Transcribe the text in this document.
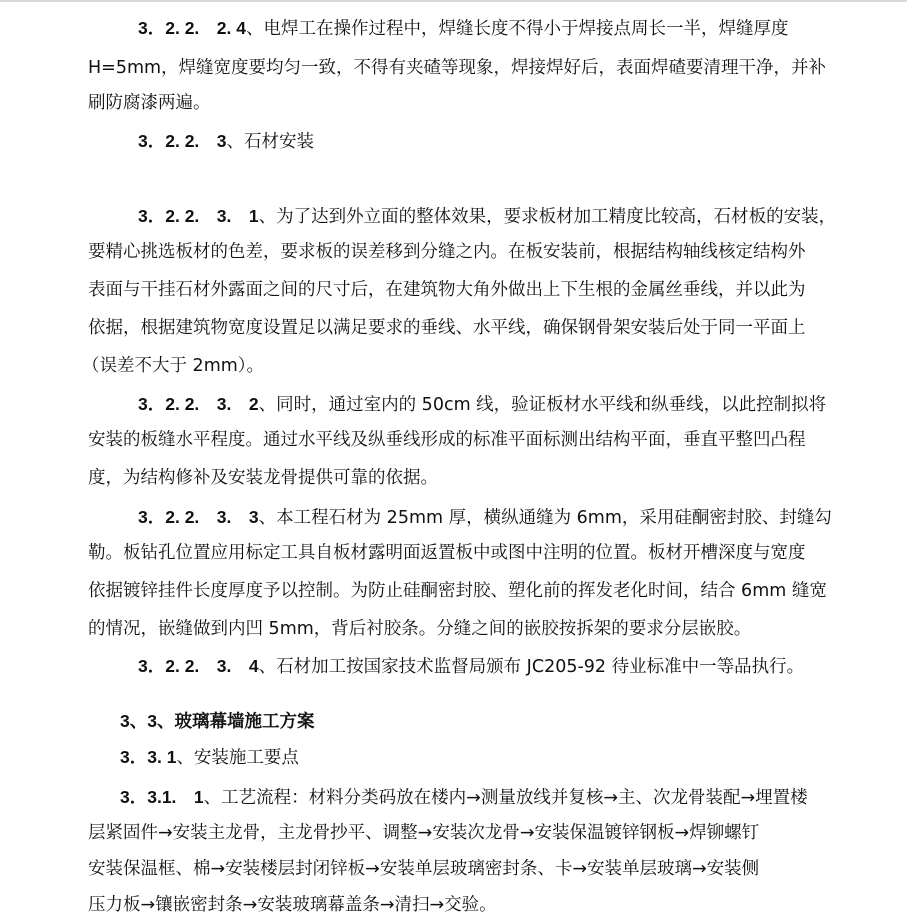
3．2. 2.　2. 4、电焊工在操作过程中，焊缝长度不得小于焊接点周长一半，焊缝厚度
H=5mm，焊缝宽度要均匀一致，不得有夹碴等现象，焊接焊好后，表面焊碴要清理干净，并补
刷防腐漆两遍。
3．2. 2.　3、石材安装
3．2. 2.　3.　1、为了达到外立面的整体效果，要求板材加工精度比较高，石材板的安装，
要精心挑选板材的色差，要求板的误差移到分缝之内。在板安装前，根据结构轴线核定结构外
表面与干挂石材外露面之间的尺寸后，在建筑物大角外做出上下生根的金属丝垂线，并以此为
依据，根据建筑物宽度设置足以满足要求的垂线、水平线，确保钢骨架安装后处于同一平面上
（误差不大于 2mm）。
3．2. 2.　3.　2、同时，通过室内的 50cm 线，验证板材水平线和纵垂线，以此控制拟将
安装的板缝水平程度。通过水平线及纵垂线形成的标准平面标测出结构平面，垂直平整凹凸程
度，为结构修补及安装龙骨提供可靠的依据。
3．2. 2.　3.　3、本工程石材为 25mm 厚，横纵通缝为 6mm，采用硅酮密封胶、封缝勾
勒。板钻孔位置应用标定工具自板材露明面返置板中或图中注明的位置。板材开槽深度与宽度
依据镀锌挂件长度厚度予以控制。为防止硅酮密封胶、塑化前的挥发老化时间，结合 6mm 缝宽
的情况，嵌缝做到内凹 5mm，背后衬胶条。分缝之间的嵌胶按拆架的要求分层嵌胶。
3．2. 2.　3.　4、石材加工按国家技术监督局颁布 JC205-92 待业标准中一等品执行。
3、3、玻璃幕墙施工方案
3．3. 1、安装施工要点
3．3.1.　1、工艺流程：材料分类码放在楼内→测量放线并复核→主、次龙骨装配→埋置楼
层紧固件→安装主龙骨，主龙骨抄平、调整→安装次龙骨→安装保温镀锌钢板→焊铆螺钉
安装保温框、棉→安装楼层封闭锌板→安装单层玻璃密封条、卡→安装单层玻璃→安装侧
压力板→镶嵌密封条→安装玻璃幕盖条→清扫→交验。
